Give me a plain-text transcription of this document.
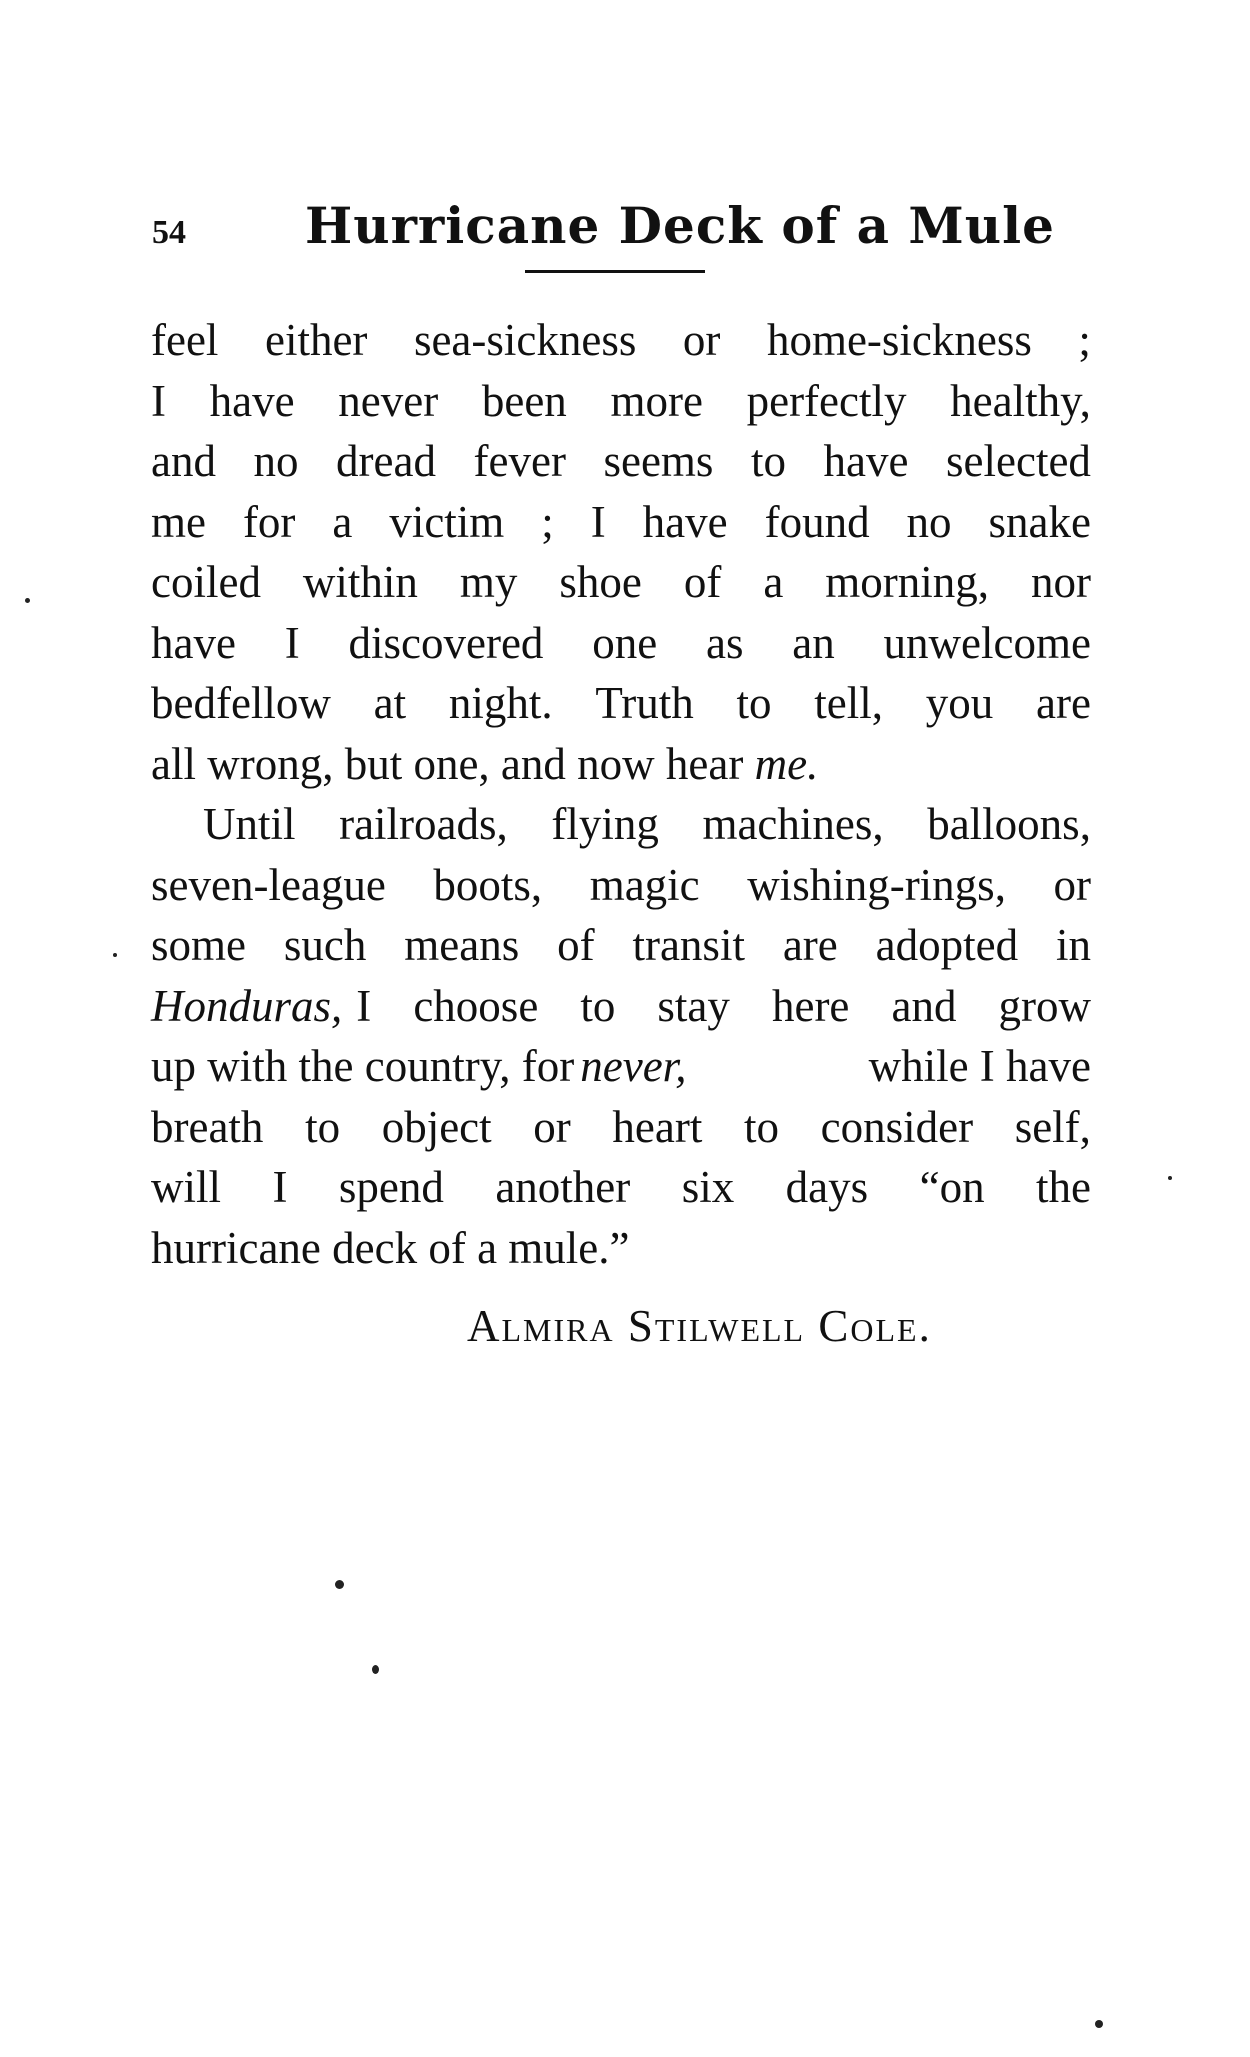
54 Hurricane Deck of a Mule
feel either sea-sickness or home-sickness ;
I have never been more perfectly healthy,
and no dread fever seems to have selected
me for a victim ; I have found no snake
coiled within my shoe of a morning, nor
have I discovered one as an unwelcome
bedfellow at night. Truth to tell, you are
all wrong, but one, and now hear
me.
Until railroads, flying machines, balloons,
seven-league boots, magic wishing-rings, or
some such means of transit are adopted in
Honduras, I choose to stay here and grow
up with the country, for never,	while I have
breath to object or heart to consider self,
will I spend another six days “on the
hurricane deck of a mule.”
Almira Stilwell Cole.
